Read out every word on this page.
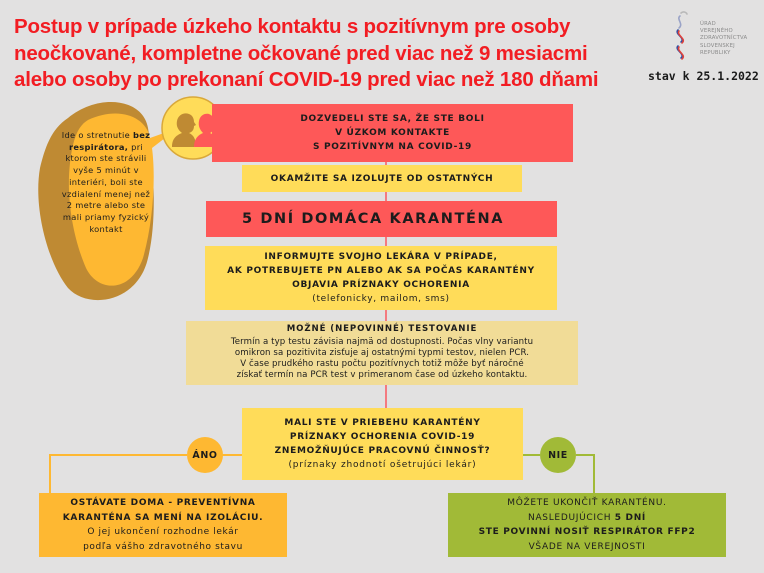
Postup v prípade úzkeho kontaktu s pozitívnym pre osoby
neočkované, kompletne očkované pred viac než 9 mesiacmi
alebo osoby po prekonaní COVID-19 pred viac než 180 dňami
ÚRAD
VEREJNÉHO
ZDRAVOTNÍCTVA
SLOVENSKEJ
REPUBLIKY
stav k 25.1.2022
Ide o stretnutie bez respirátora, pri ktorom ste strávili vyše 5 minút v interiéri, boli ste vzdialení menej než 2 metre alebo ste mali priamy fyzický kontakt
DOZVEDELI STE SA, ŽE STE BOLI
V ÚZKOM KONTAKTE
S POZITÍVNYM NA COVID-19
OKAMŽITE SA IZOLUJTE OD OSTATNÝCH
5 DNÍ DOMÁCA KARANTÉNA
INFORMUJTE SVOJHO LEKÁRA V PRÍPADE,
AK POTREBUJETE PN ALEBO AK SA POČAS KARANTÉNY
OBJAVIA PRÍZNAKY OCHORENIA
(telefonicky, mailom, sms)
MOŽNÉ (NEPOVINNÉ) TESTOVANIE
Termín a typ testu závisia najmä od dostupnosti. Počas vlny variantu
omikron sa pozitivita zisťuje aj ostatnými typmi testov, nielen PCR.
V čase prudkého rastu počtu pozitívnych totiž môže byť náročné
získať termín na PCR test v primeranom čase od úzkeho kontaktu.
MALI STE V PRIEBEHU KARANTÉNY
PRÍZNAKY OCHORENIA COVID-19
ZNEMOŽŇUJÚCE PRACOVNÚ ČINNOSŤ?
(príznaky zhodnotí ošetrujúci lekár)
ÁNO	NIE
OSTÁVATE DOMA - PREVENTÍVNA
KARANTÉNA SA MENÍ NA IZOLÁCIU.
O jej ukončení rozhodne lekár
podľa vášho zdravotného stavu
MÔŽETE UKONČIŤ KARANTÉNU.
NASLEDUJÚCICH 5 DNÍ
STE POVINNÍ NOSIŤ RESPIRÁTOR FFP2
VŠADE NA VEREJNOSTI
